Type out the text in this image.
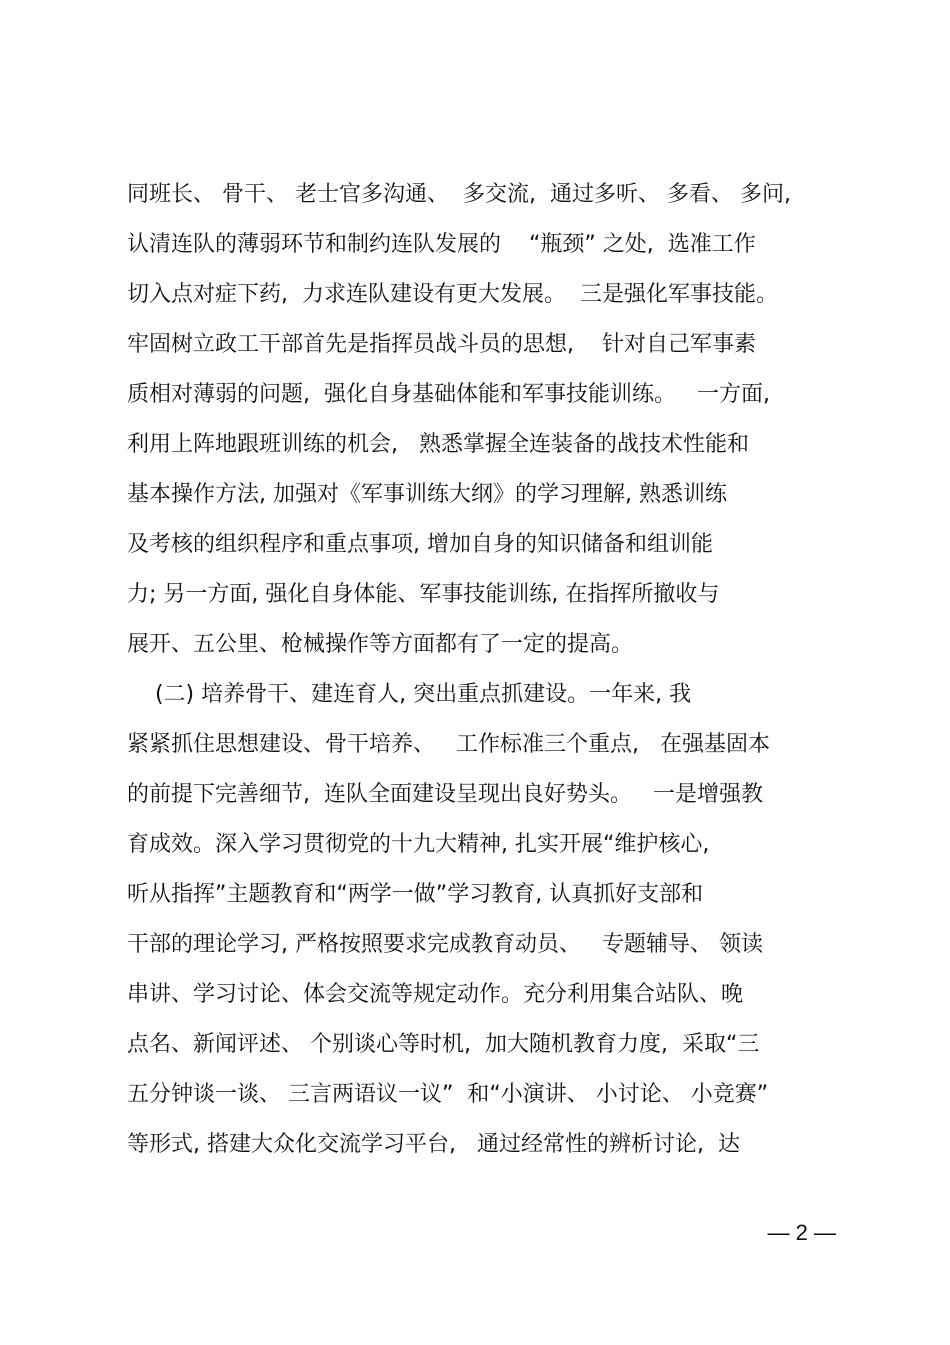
同班长、 骨干、 老士官多沟通、  多交流,  通过多听、 多看、 多问,
认清连队的薄弱环节和制约连队发展的    “瓶颈” 之处,  选准工作
切入点对症下药,  力求连队建设有更大发展。  三是强化军事技能。
牢固树立政工干部首先是指挥员战斗员的思想,    针对自己军事素
质相对薄弱的问题,  强化自身基础体能和军事技能训练。   一方面,
利用上阵地跟班训练的机会,   熟悉掌握全连装备的战技术性能和
基本操作方法, 加强对《军事训练大纲》的学习理解, 熟悉训练
及考核的组织程序和重点事项, 增加自身的知识储备和组训能
力; 另一方面, 强化自身体能、军事技能训练, 在指挥所撤收与
展开、五公里、枪械操作等方面都有了一定的提高。
(二) 培养骨干、建连育人, 突出重点抓建设。一年来, 我
紧紧抓住思想建设、骨干培养、   工作标准三个重点,   在强基固本
的前提下完善细节,  连队全面建设呈现出良好势头。   一是增强教
育成效。深入学习贯彻党的十九大精神, 扎实开展“维护核心,
听从指挥”主题教育和“两学一做”学习教育, 认真抓好支部和
干部的理论学习, 严格按照要求完成教育动员、   专题辅导、 领读
串讲、学习讨论、体会交流等规定动作。充分利用集合站队、晚
点名、新闻评述、 个别谈心等时机,  加大随机教育力度,  采取“三
五分钟谈一谈、 三言两语议一议”  和“小演讲、 小讨论、 小竞赛”
等形式, 搭建大众化交流学习平台,   通过经常性的辨析讨论,  达
— 2 —
